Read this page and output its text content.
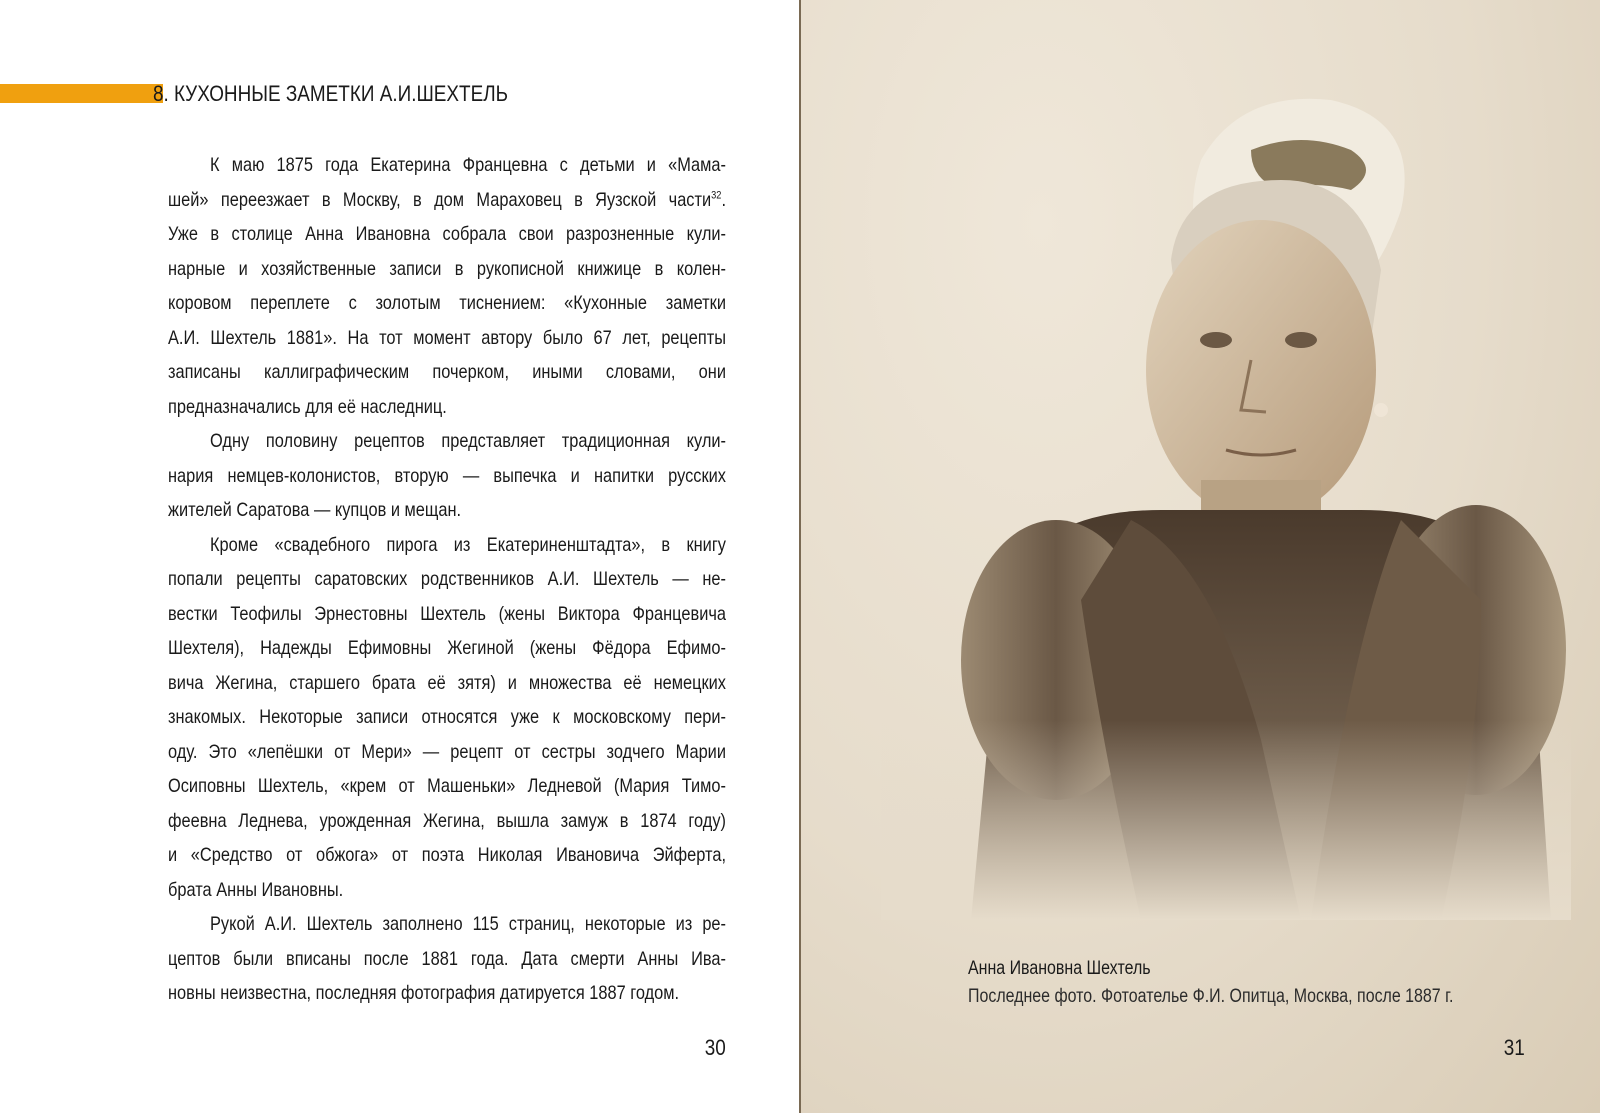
8. КУХОННЫЕ ЗАМЕТКИ А.И.ШЕХТЕЛЬ
К маю 1875 года Екатерина Францевна с детьми и «Мама-
шей» переезжает в Москву, в дом Мараховец в Яузской части$^{32}$.
Уже в столице Анна Ивановна собрала свои разрозненные кули-
нарные и хозяйственные записи в рукописной книжице в колен-
коровом переплете с золотым тиснением: «Кухонные заметки
А.И. Шехтель 1881». На тот момент автору было 67 лет, рецепты
записаны каллиграфическим почерком, иными словами, они
предназначались для её наследниц.
Одну половину рецептов представляет традиционная кули-
нария немцев-колонистов, вторую — выпечка и напитки русских
жителей Саратова — купцов и мещан.
Кроме «свадебного пирога из Екатериненштадта», в книгу
попали рецепты саратовских родственников А.И. Шехтель — не-
вестки Теофилы Эрнестовны Шехтель (жены Виктора Францевича
Шехтеля), Надежды Ефимовны Жегиной (жены Фёдора Ефимо-
вича Жегина, старшего брата её зятя) и множества её немецких
знакомых. Некоторые записи относятся уже к московскому пери-
оду. Это «лепёшки от Мери» — рецепт от сестры зодчего Марии
Осиповны Шехтель, «крем от Машеньки» Ледневой (Мария Тимо-
феевна Леднева, урожденная Жегина, вышла замуж в 1874 году)
и «Средство от обжога» от поэта Николая Ивановича Эйферта,
брата Анны Ивановны.
Рукой А.И. Шехтель заполнено 115 страниц, некоторые из ре-
цептов были вписаны после 1881 года. Дата смерти Анны Ива-
новны неизвестна, последняя фотография датируется 1887 годом.
30	31
Анна Ивановна Шехтель
Последнее фото. Фотоателье Ф.И. Опитца, Москва, после 1887 г.
